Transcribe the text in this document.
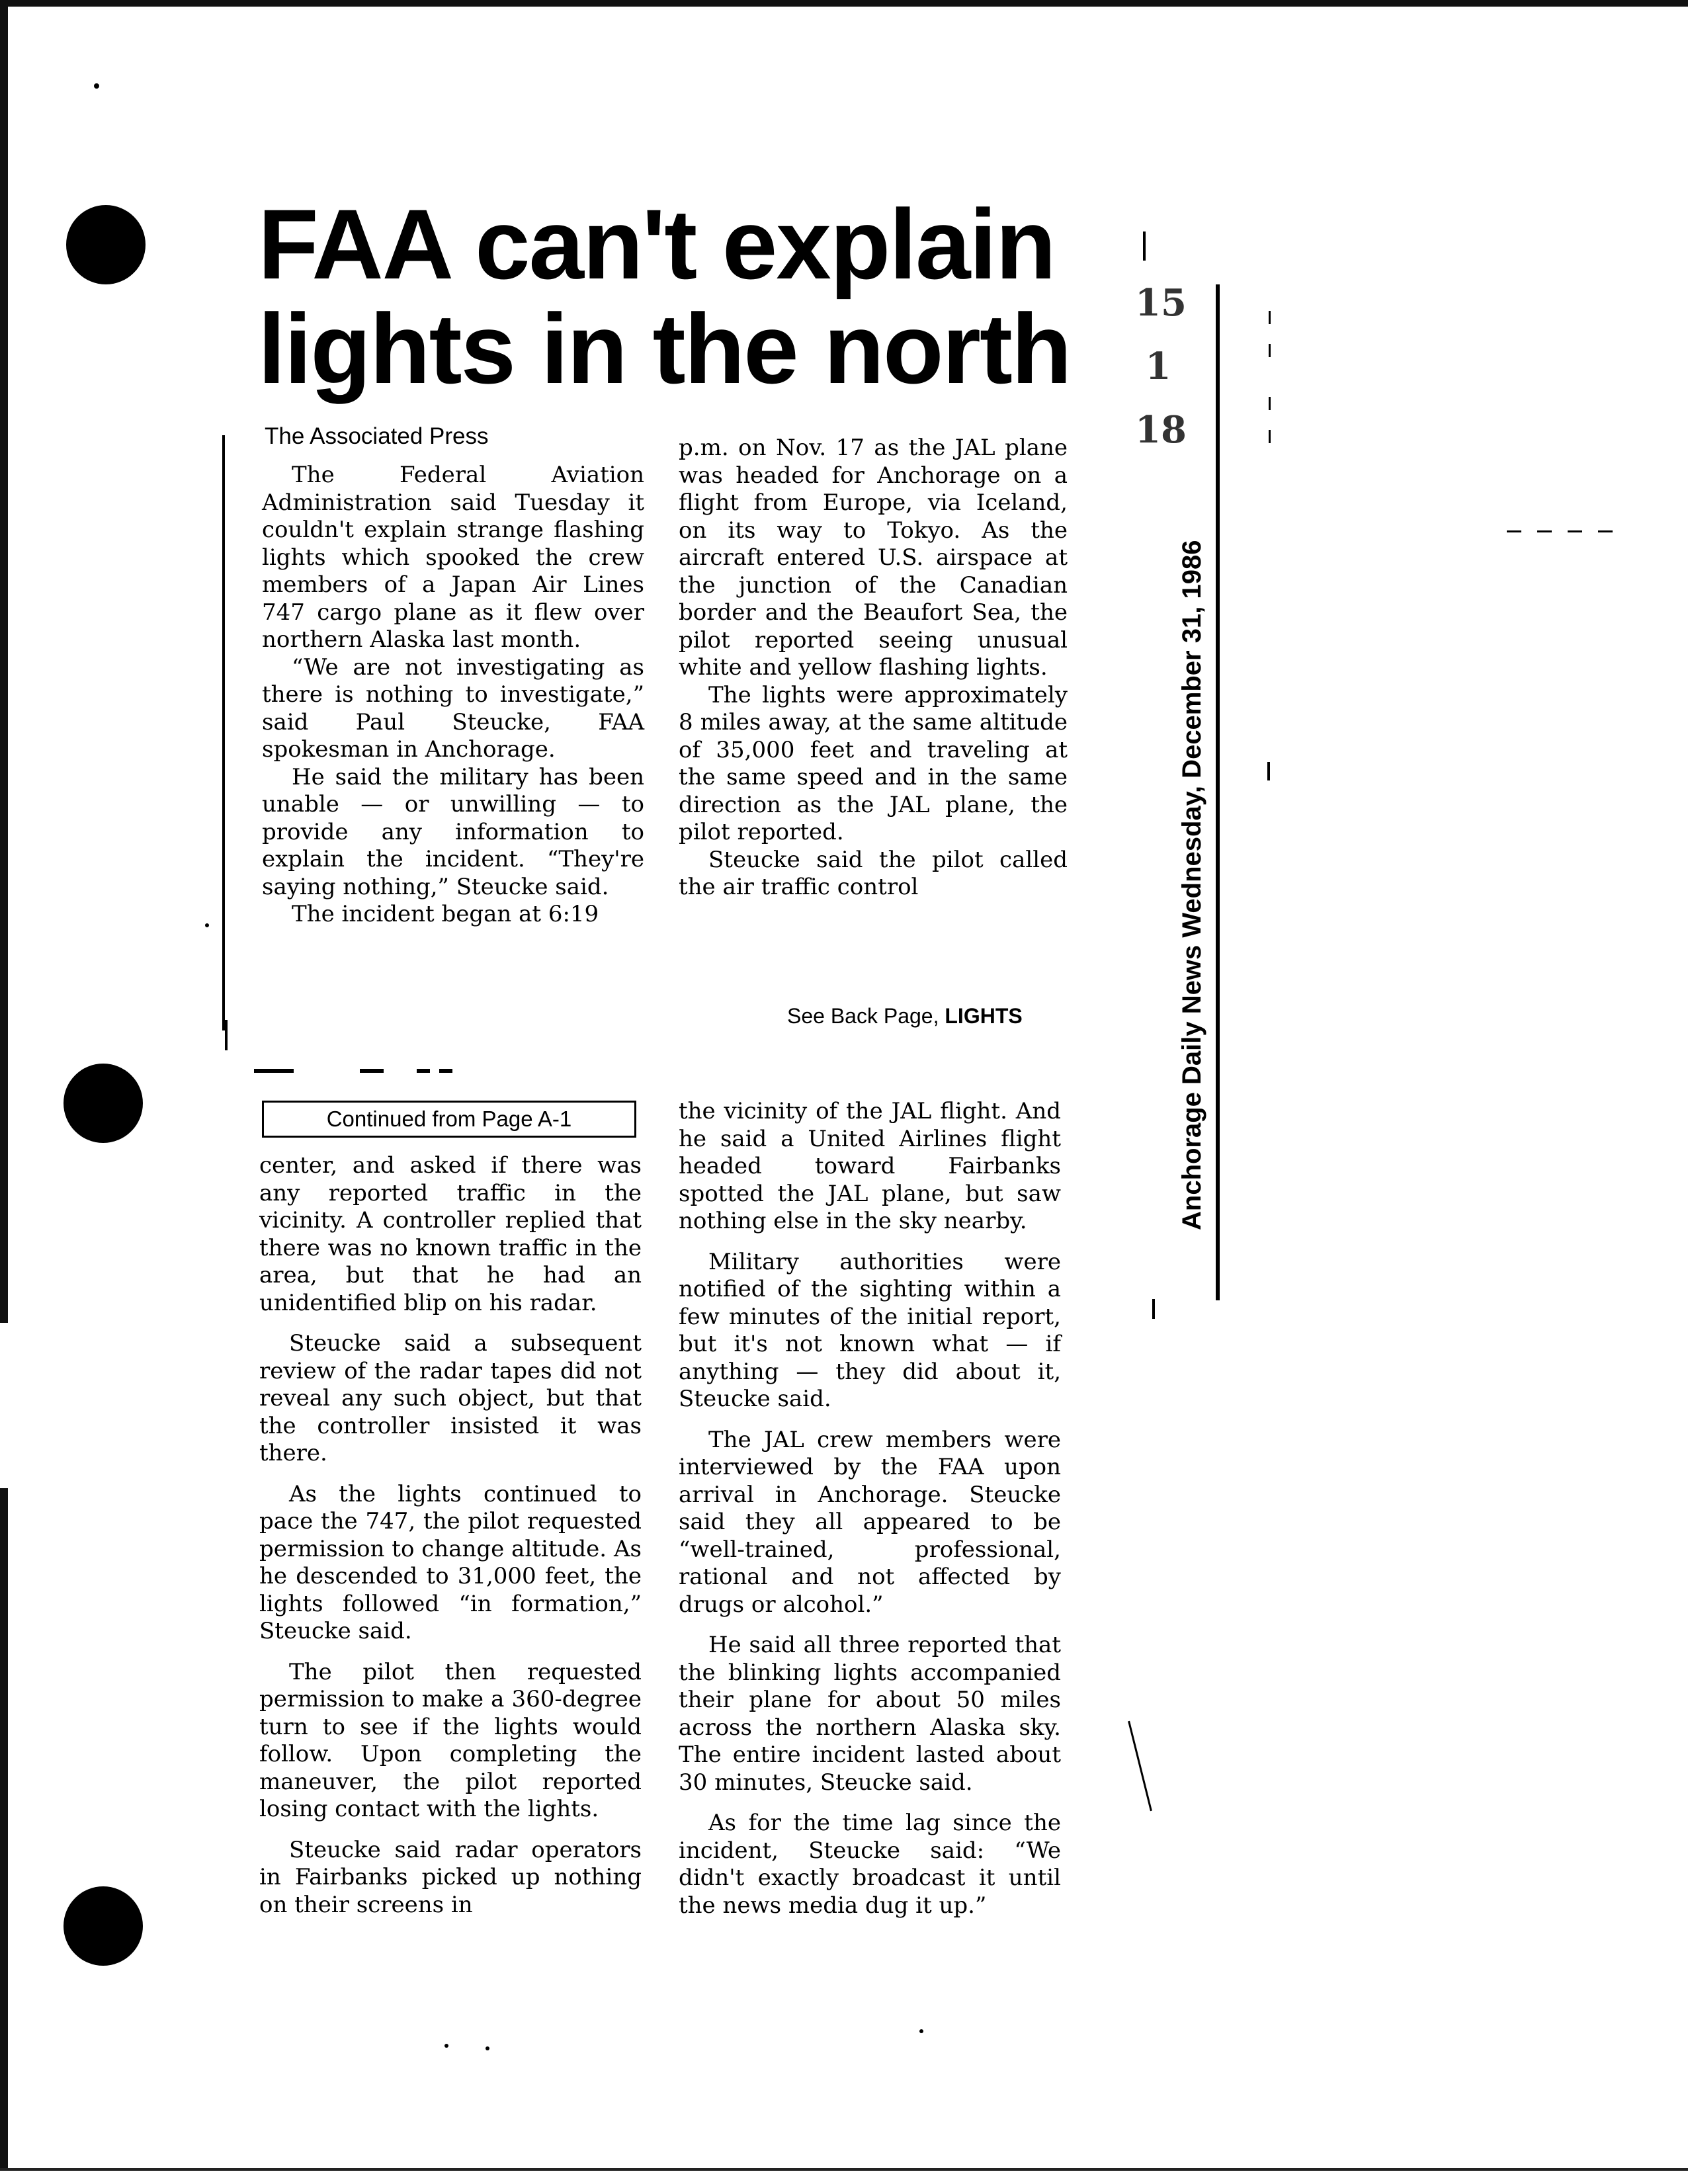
FAA can't explain
lights in the north
The Associated Press

The Federal Aviation Administration said Tuesday it couldn't explain strange flashing lights which spooked the crew members of a Japan Air Lines 747 cargo plane as it flew over northern Alaska last month.

“We are not investigating as there is nothing to investigate,” said Paul Steucke, FAA spokesman in Anchorage.

He said the military has been unable — or unwilling — to provide any information to explain the incident. “They're saying nothing,” Steucke said.

The incident began at 6:19

p.m. on Nov. 17 as the JAL plane was headed for Anchorage on a flight from Europe, via Iceland, on its way to Tokyo. As the aircraft entered U.S. airspace at the junction of the Canadian border and the Beaufort Sea, the pilot reported seeing unusual white and yellow flashing lights.

The lights were approximately 8 miles away, at the same altitude of 35,000 feet and traveling at the same speed and in the same direction as the JAL plane, the pilot reported.

Steucke said the pilot called the air traffic control

See Back Page, LIGHTS
Continued from Page A-1

center, and asked if there was any reported traffic in the vicinity. A controller replied that there was no known traffic in the area, but that he had an unidentified blip on his radar.

Steucke said a subsequent review of the radar tapes did not reveal any such object, but that the controller insisted it was there.

As the lights continued to pace the 747, the pilot requested permission to change altitude. As he descended to 31,000 feet, the lights followed “in formation,” Steucke said.

The pilot then requested permission to make a 360-degree turn to see if the lights would follow. Upon completing the maneuver, the pilot reported losing contact with the lights.

Steucke said radar operators in Fairbanks picked up nothing on their screens in

the vicinity of the JAL flight. And he said a United Airlines flight headed toward Fairbanks spotted the JAL plane, but saw nothing else in the sky nearby.

Military authorities were notified of the sighting within a few minutes of the initial report, but it's not known what — if anything — they did about it, Steucke said.

The JAL crew members were interviewed by the FAA upon arrival in Anchorage. Steucke said they all appeared to be “well-trained, professional, rational and not affected by drugs or alcohol.”

He said all three reported that the blinking lights accompanied their plane for about 50 miles across the northern Alaska sky. The entire incident lasted about 30 minutes, Steucke said.

As for the time lag since the incident, Steucke said: “We didn't exactly broadcast it until the news media dug it up.”

Anchorage Daily News Wednesday, December 31, 1986
15
1
18
